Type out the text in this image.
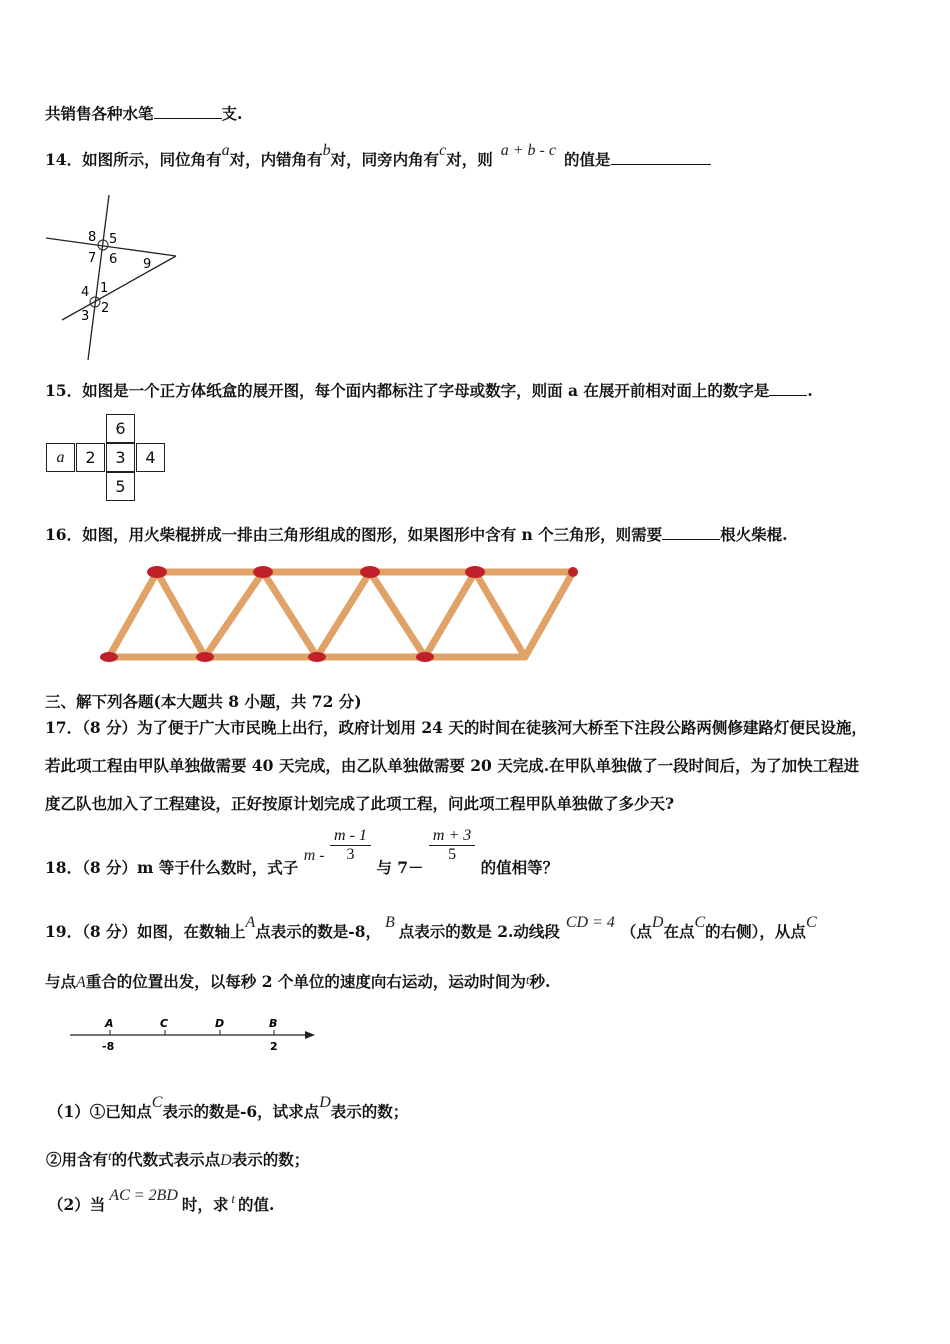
共销售各种水笔	支.
14．如图所示，同位角有a对，内错角有b对，同旁内角有c对，则 a + b - c 的值是
8 5
7 6 9
4 1
3
2
15．如图是一个正方体纸盒的展开图，每个面内都标注了字母或数字，则面 a 在展开前相对面上的数字是 .
6
a	2	3	4
5
16．如图，用火柴棍拼成一排由三角形组成的图形，如果图形中含有 n 个三角形，则需要	根火柴棍.
三、解下列各题(本大题共 8 小题，共 72 分)
17．（8 分）为了便于广大市民晚上出行，政府计划用 24 天的时间在徒骇河大桥至下注段公路两侧修建路灯便民设施，
若此项工程由甲队单独做需要 40 天完成，由乙队单独做需要 20 天完成.在甲队单独做了一段时间后，为了加快工程进
度乙队也加入了工程建设，正好按原计划完成了此项工程，问此项工程甲队单独做了多少天?
18．（8 分）m 等于什么数时，式子 m - $\frac{m - 1}{3}$
与 7－
$\frac{m + 3}{5}$
的值相等？
19．（8 分）如图，在数轴上A点表示的数是-8， B 点表示的数是 2.动线段 CD = 4 （点D在点C的右侧），从点C
与点A重合的位置出发，以每秒 2 个单位的速度向右运动，运动时间为t秒.
A	C	D	B
-8	2
（1）①已知点C表示的数是-6，试求点D表示的数；
②用含有$^t$的代数式表示点D表示的数；
（2）当 AC = 2BD 时，求 $^t$ 的值.
